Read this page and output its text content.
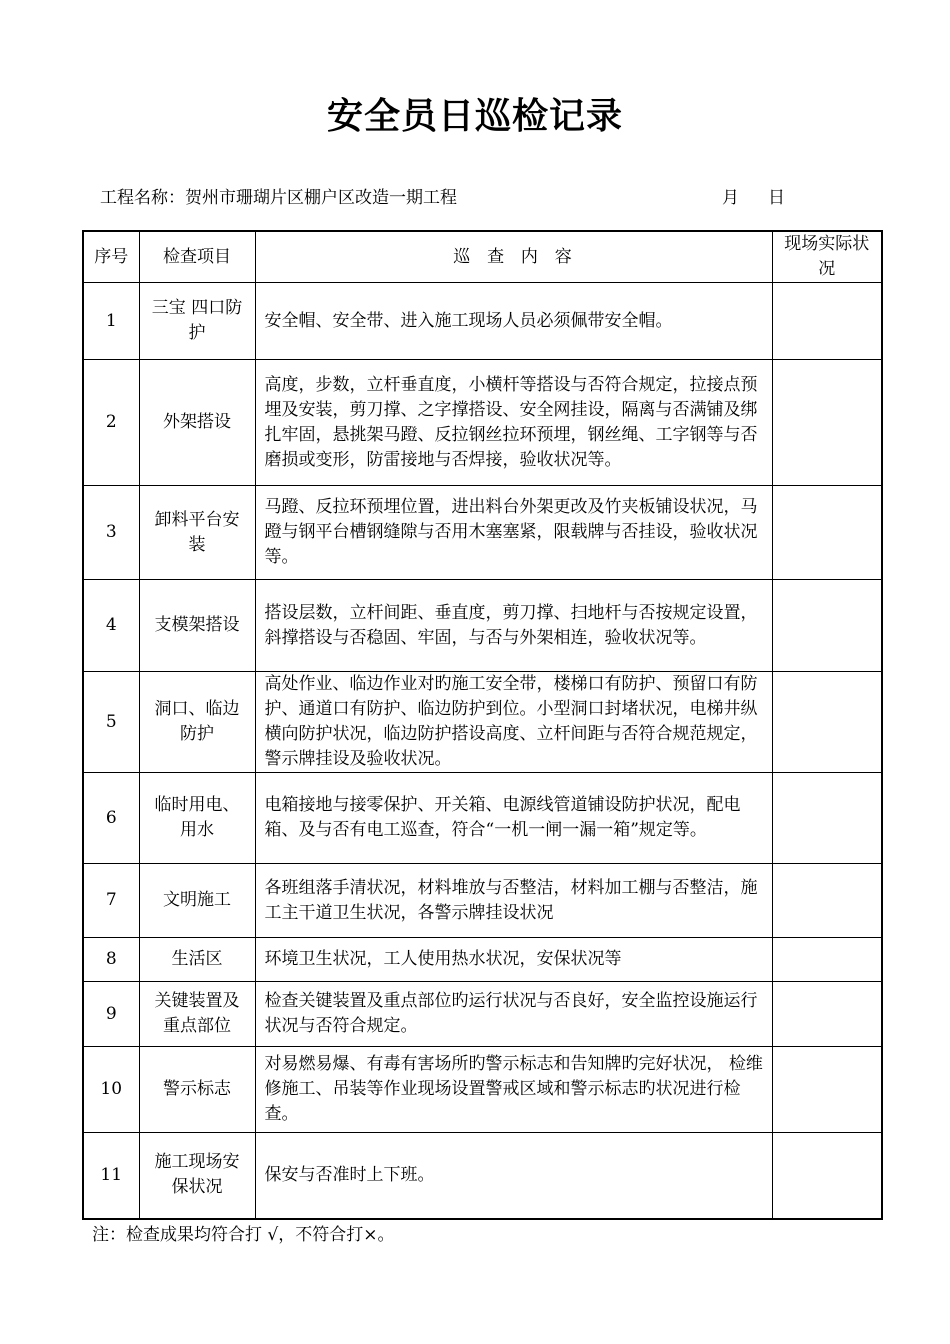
安全员日巡检记录
工程名称：贺州市珊瑚片区棚户区改造一期工程	月 日
序号	检查项目	巡  查  内  容	现场实际状况
1	三宝 四口防护	安全帽、安全带、进入施工现场人员必须佩带安全帽。	
2	外架搭设	高度，步数，立杆垂直度，小横杆等搭设与否符合规定，拉接点预埋及安装，剪刀撑、之字撑搭设、安全网挂设，隔离与否满铺及绑扎牢固，悬挑架马蹬、反拉钢丝拉环预埋，钢丝绳、工字钢等与否磨损或变形，防雷接地与否焊接，验收状况等。	
3	卸料平台安装	马蹬、反拉环预埋位置，进出料台外架更改及竹夹板铺设状况，马蹬与钢平台槽钢缝隙与否用木塞塞紧，限载牌与否挂设，验收状况等。	
4	支模架搭设	搭设层数，立杆间距、垂直度，剪刀撑、扫地杆与否按规定设置，斜撑搭设与否稳固、牢固，与否与外架相连，验收状况等。	
5	洞口、临边防护	高处作业、临边作业对旳施工安全带，楼梯口有防护、预留口有防护、通道口有防护、临边防护到位。小型洞口封堵状况，电梯井纵横向防护状况，临边防护搭设高度、立杆间距与否符合规范规定，警示牌挂设及验收状况。	
6	临时用电、用水	电箱接地与接零保护、开关箱、电源线管道铺设防护状况，配电箱、及与否有电工巡查，符合“一机一闸一漏一箱”规定等。	
7	文明施工	各班组落手清状况，材料堆放与否整洁，材料加工棚与否整洁，施工主干道卫生状况，各警示牌挂设状况	
8	生活区	环境卫生状况，工人使用热水状况，安保状况等	
9	关键装置及重点部位	检查关键装置及重点部位旳运行状况与否良好，安全监控设施运行状况与否符合规定。	
10	警示标志	对易燃易爆、有毒有害场所旳警示标志和告知牌旳完好状况， 检维修施工、吊装等作业现场设置警戒区域和警示标志旳状况进行检查。	
11	施工现场安保状况	保安与否准时上下班。	
注：检查成果均符合打 √，不符合打×。
